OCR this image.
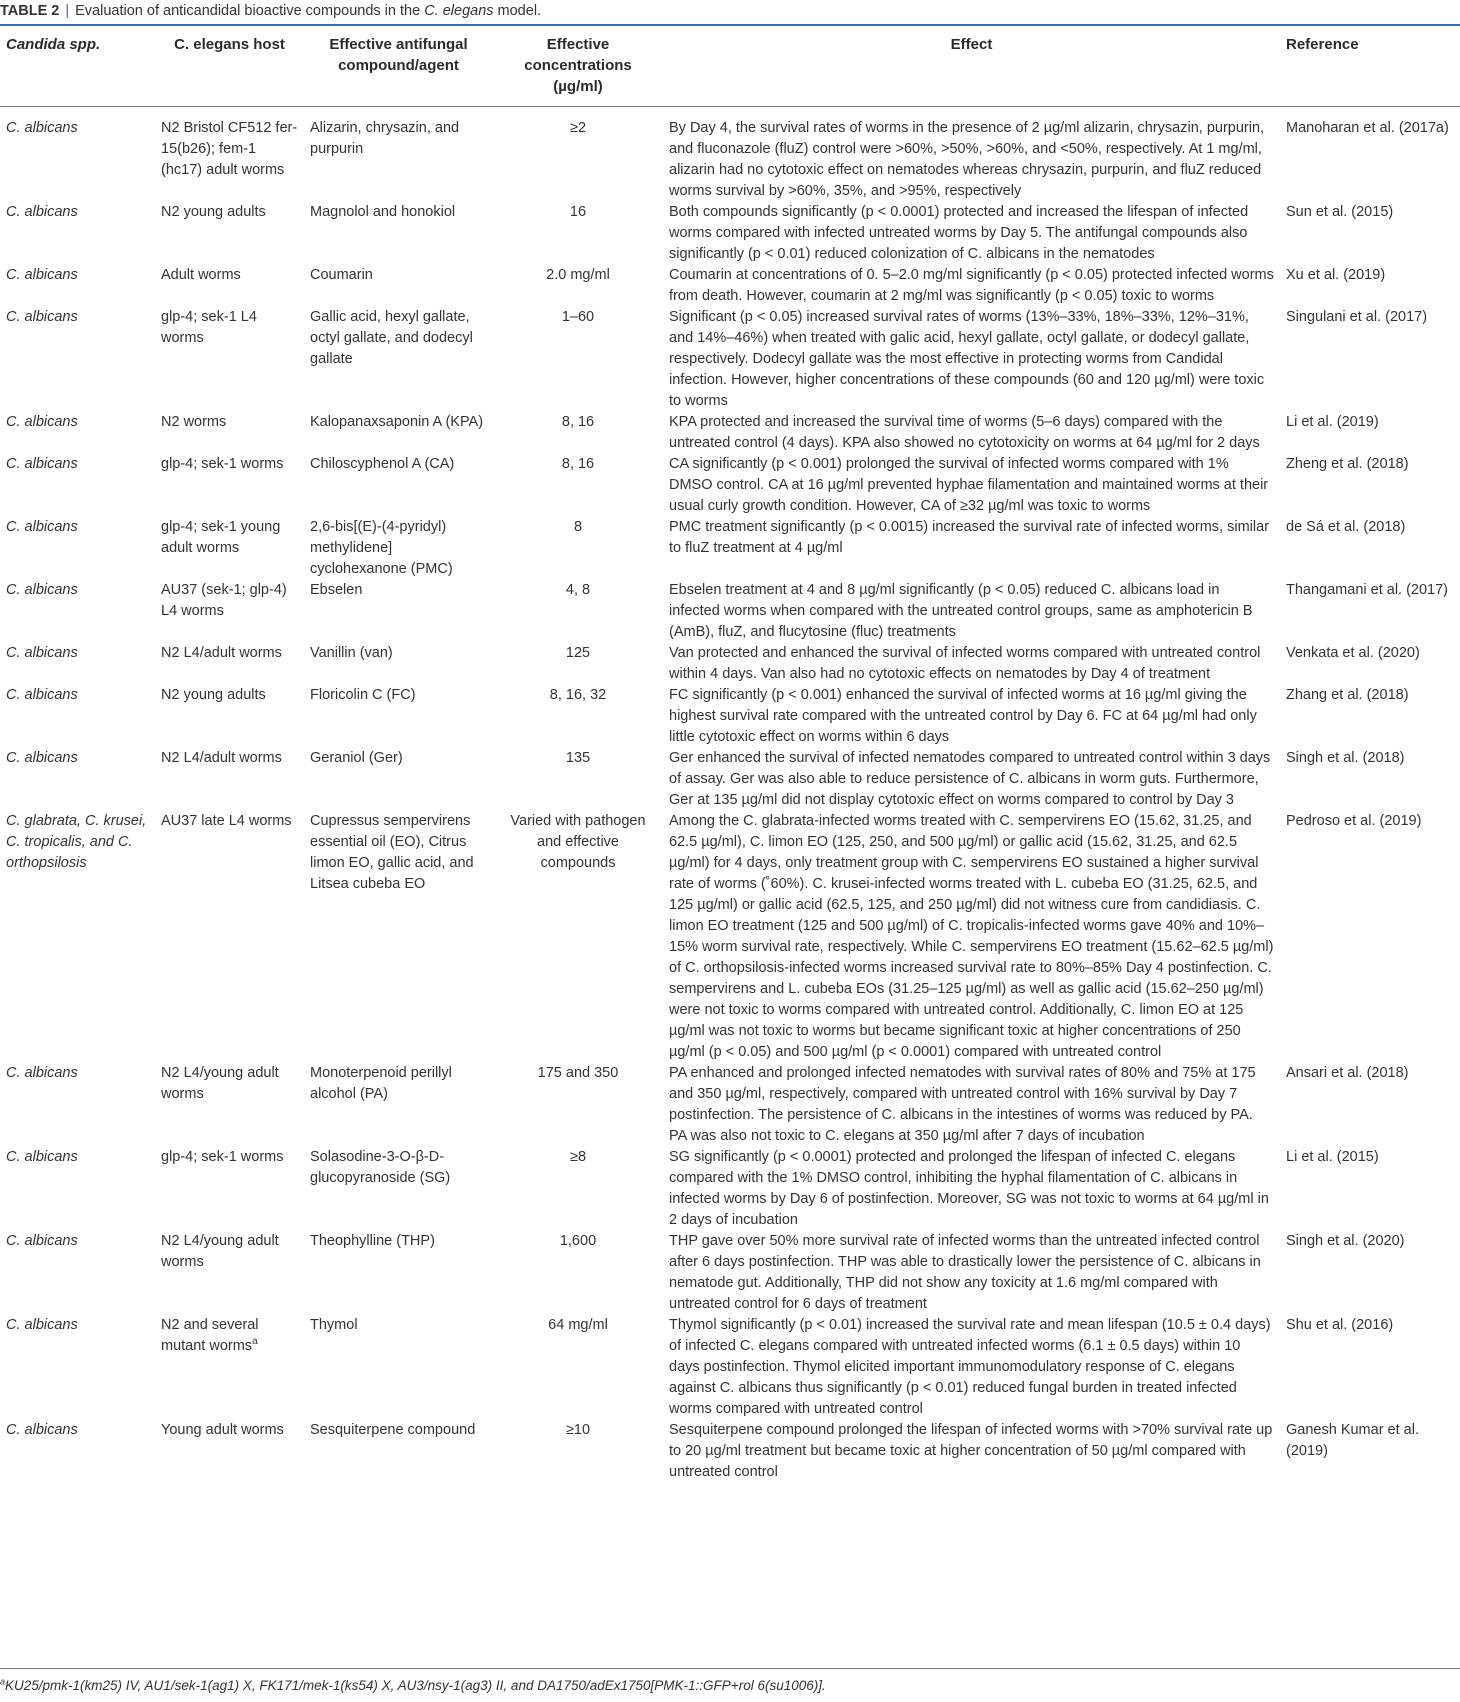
TABLE 2 | Evaluation of anticandidal bioactive compounds in the C. elegans model.
Candida spp.	C. elegans host	Effective antifungal compound/agent	Effective concentrations (µg/ml)	Effect	Reference
C. albicans	N2 Bristol CF512 fer-15(b26); fem-1 (hc17) adult worms	Alizarin, chrysazin, and purpurin	≥2	By Day 4, the survival rates of worms in the presence of 2 µg/ml alizarin, chrysazin, purpurin, and fluconazole (fluZ) control were >60%, >50%, >60%, and <50%, respectively. At 1 mg/ml, alizarin had no cytotoxic effect on nematodes whereas chrysazin, purpurin, and fluZ reduced worms survival by >60%, 35%, and >95%, respectively	Manoharan et al. (2017a)
C. albicans	N2 young adults	Magnolol and honokiol	16	Both compounds significantly (p < 0.0001) protected and increased the lifespan of infected worms compared with infected untreated worms by Day 5. The antifungal compounds also significantly (p < 0.01) reduced colonization of C. albicans in the nematodes	Sun et al. (2015)
C. albicans	Adult worms	Coumarin	2.0 mg/ml	Coumarin at concentrations of 0. 5–2.0 mg/ml significantly (p < 0.05) protected infected worms from death. However, coumarin at 2 mg/ml was significantly (p < 0.05) toxic to worms	Xu et al. (2019)
C. albicans	glp-4; sek-1 L4 worms	Gallic acid, hexyl gallate, octyl gallate, and dodecyl gallate	1–60	Significant (p < 0.05) increased survival rates of worms (13%–33%, 18%–33%, 12%–31%, and 14%–46%) when treated with galic acid, hexyl gallate, octyl gallate, or dodecyl gallate, respectively. Dodecyl gallate was the most effective in protecting worms from Candidal infection. However, higher concentrations of these compounds (60 and 120 µg/ml) were toxic to worms	Singulani et al. (2017)
C. albicans	N2 worms	Kalopanaxsaponin A (KPA)	8, 16	KPA protected and increased the survival time of worms (5–6 days) compared with the untreated control (4 days). KPA also showed no cytotoxicity on worms at 64 µg/ml for 2 days	Li et al. (2019)
C. albicans	glp-4; sek-1 worms	Chiloscyphenol A (CA)	8, 16	CA significantly (p < 0.001) prolonged the survival of infected worms compared with 1% DMSO control. CA at 16 µg/ml prevented hyphae filamentation and maintained worms at their usual curly growth condition. However, CA of ≥32 µg/ml was toxic to worms	Zheng et al. (2018)
C. albicans	glp-4; sek-1 young adult worms	2,6-bis[(E)-(4-pyridyl) methylidene] cyclohexanone (PMC)	8	PMC treatment significantly (p < 0.0015) increased the survival rate of infected worms, similar to fluZ treatment at 4 µg/ml	de Sá et al. (2018)
C. albicans	AU37 (sek-1; glp-4) L4 worms	Ebselen	4, 8	Ebselen treatment at 4 and 8 µg/ml significantly (p < 0.05) reduced C. albicans load in infected worms when compared with the untreated control groups, same as amphotericin B (AmB), fluZ, and flucytosine (fluc) treatments	Thangamani et al. (2017)
C. albicans	N2 L4/adult worms	Vanillin (van)	125	Van protected and enhanced the survival of infected worms compared with untreated control within 4 days. Van also had no cytotoxic effects on nematodes by Day 4 of treatment	Venkata et al. (2020)
C. albicans	N2 young adults	Floricolin C (FC)	8, 16, 32	FC significantly (p < 0.001) enhanced the survival of infected worms at 16 µg/ml giving the highest survival rate compared with the untreated control by Day 6. FC at 64 µg/ml had only little cytotoxic effect on worms within 6 days	Zhang et al. (2018)
C. albicans	N2 L4/adult worms	Geraniol (Ger)	135	Ger enhanced the survival of infected nematodes compared to untreated control within 3 days of assay. Ger was also able to reduce persistence of C. albicans in worm guts. Furthermore, Ger at 135 µg/ml did not display cytotoxic effect on worms compared to control by Day 3	Singh et al. (2018)
C. glabrata, C. krusei, C. tropicalis, and C. orthopsilosis	AU37 late L4 worms	Cupressus sempervirens essential oil (EO), Citrus limon EO, gallic acid, and Litsea cubeba EO	Varied with pathogen and effective compounds	Among the C. glabrata-infected worms treated with C. sempervirens EO (15.62, 31.25, and 62.5 µg/ml), C. limon EO (125, 250, and 500 µg/ml) or gallic acid (15.62, 31.25, and 62.5 µg/ml) for 4 days, only treatment group with C. sempervirens EO sustained a higher survival rate of worms (˚60%). C. krusei-infected worms treated with L. cubeba EO (31.25, 62.5, and 125 µg/ml) or gallic acid (62.5, 125, and 250 µg/ml) did not witness cure from candidiasis. C. limon EO treatment (125 and 500 µg/ml) of C. tropicalis-infected worms gave 40% and 10%–15% worm survival rate, respectively. While C. sempervirens EO treatment (15.62–62.5 µg/ml) of C. orthopsilosis-infected worms increased survival rate to 80%–85% Day 4 postinfection. C. sempervirens and L. cubeba EOs (31.25–125 µg/ml) as well as gallic acid (15.62–250 µg/ml) were not toxic to worms compared with untreated control. Additionally, C. limon EO at 125 µg/ml was not toxic to worms but became significant toxic at higher concentrations of 250 µg/ml (p < 0.05) and 500 µg/ml (p < 0.0001) compared with untreated control	Pedroso et al. (2019)
C. albicans	N2 L4/young adult worms	Monoterpenoid perillyl alcohol (PA)	175 and 350	PA enhanced and prolonged infected nematodes with survival rates of 80% and 75% at 175 and 350 µg/ml, respectively, compared with untreated control with 16% survival by Day 7 postinfection. The persistence of C. albicans in the intestines of worms was reduced by PA. PA was also not toxic to C. elegans at 350 µg/ml after 7 days of incubation	Ansari et al. (2018)
C. albicans	glp-4; sek-1 worms	Solasodine-3-O-β-D-glucopyranoside (SG)	≥8	SG significantly (p < 0.0001) protected and prolonged the lifespan of infected C. elegans compared with the 1% DMSO control, inhibiting the hyphal filamentation of C. albicans in infected worms by Day 6 of postinfection. Moreover, SG was not toxic to worms at 64 µg/ml in 2 days of incubation	Li et al. (2015)
C. albicans	N2 L4/young adult worms	Theophylline (THP)	1,600	THP gave over 50% more survival rate of infected worms than the untreated infected control after 6 days postinfection. THP was able to drastically lower the persistence of C. albicans in nematode gut. Additionally, THP did not show any toxicity at 1.6 mg/ml compared with untreated control for 6 days of treatment	Singh et al. (2020)
C. albicans	N2 and several mutant worms$^a$	Thymol	64 mg/ml	Thymol significantly (p < 0.01) increased the survival rate and mean lifespan (10.5 ± 0.4 days) of infected C. elegans compared with untreated infected worms (6.1 ± 0.5 days) within 10 days postinfection. Thymol elicited important immunomodulatory response of C. elegans against C. albicans thus significantly (p < 0.01) reduced fungal burden in treated infected worms compared with untreated control	Shu et al. (2016)
C. albicans	Young adult worms	Sesquiterpene compound	≥10	Sesquiterpene compound prolonged the lifespan of infected worms with >70% survival rate up to 20 µg/ml treatment but became toxic at higher concentration of 50 µg/ml compared with untreated control	Ganesh Kumar et al. (2019)
$^a$KU25/pmk-1(km25) IV, AU1/sek-1(ag1) X, FK171/mek-1(ks54) X, AU3/nsy-1(ag3) II, and DA1750/adEx1750[PMK-1::GFP+rol 6(su1006)].
